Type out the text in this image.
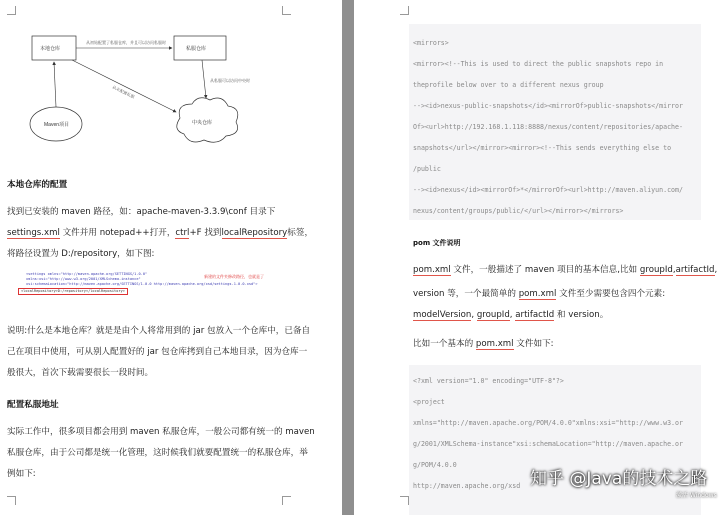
本地仓库	私服仓库
Maven项目	中央仓库
从初始配置了私服仓库，并且可以访问私服时
从私服可以访问中央时
从未配置私服

本地仓库的配置

找到已安装的 maven 路径，如：apache-maven-3.3.9\conf 目录下

settings.xml 文件并用 notepad++打开，ctrl+F 找到localRepository标签，

将路径设置为 D:/repository，如下图:

<settings xmlns="http://maven.apache.org/SETTINGS/1.0.0"
xmlns:xsi="http://www.w3.org/2001/XMLSchema-instance"
xsi:schemaLocation="http://maven.apache.org/SETTINGS/1.0.0 http://maven.apache.org/xsd/settings-1.0.0.xsd">
<localRepository>D:/repository</localRepository>
新建的文件夹修改路径，也就是了

说明:什么是本地仓库？就是是由个人将常用到的 jar 包放入一个仓库中，已备自

己在项目中使用，可从别人配置好的 jar 包仓库拷到自己本地目录，因为仓库一

般很大，首次下载需要很长一段时间。

配置私服地址

实际工作中，很多项目都会用到 maven 私服仓库，一般公司都有统一的 maven

私服仓库，由于公司都是统一化管理，这时候我们就要配置统一的私服仓库，举

例如下:

<mirrors>
<mirror><!--This is used to direct the public snapshots repo in
theprofile below over to a different nexus group
--><id>nexus-public-snapshots</id><mirrorOf>public-snapshots</mirror
Of><url>http://192.168.1.118:8888/nexus/content/repositories/apache-
snapshots</url></mirror><mirror><!--This sends everything else to
/public
--><id>nexus</id><mirrorOf>*</mirrorOf><url>http://maven.aliyun.com/
nexus/content/groups/public/</url></mirror></mirrors>

pom 文件说明

pom.xml 文件，一般描述了 maven 项目的基本信息,比如 groupId,artifactId,

version 等，一个最简单的 pom.xml 文件至少需要包含四个元素:

modelVersion, groupId, artifactId 和 version。

比如一个基本的 pom.xml 文件如下:

<?xml version="1.0" encoding="UTF-8"?>
<project
xmlns="http://maven.apache.org/POM/4.0.0"xmlns:xsi="http://www.w3.or
g/2001/XMLSchema-instance"xsi:schemaLocation="http://maven.apache.or
g/POM/4.0.0
http://maven.apache.org/xsd 知乎 @Java的技术之路
激活 Windows
